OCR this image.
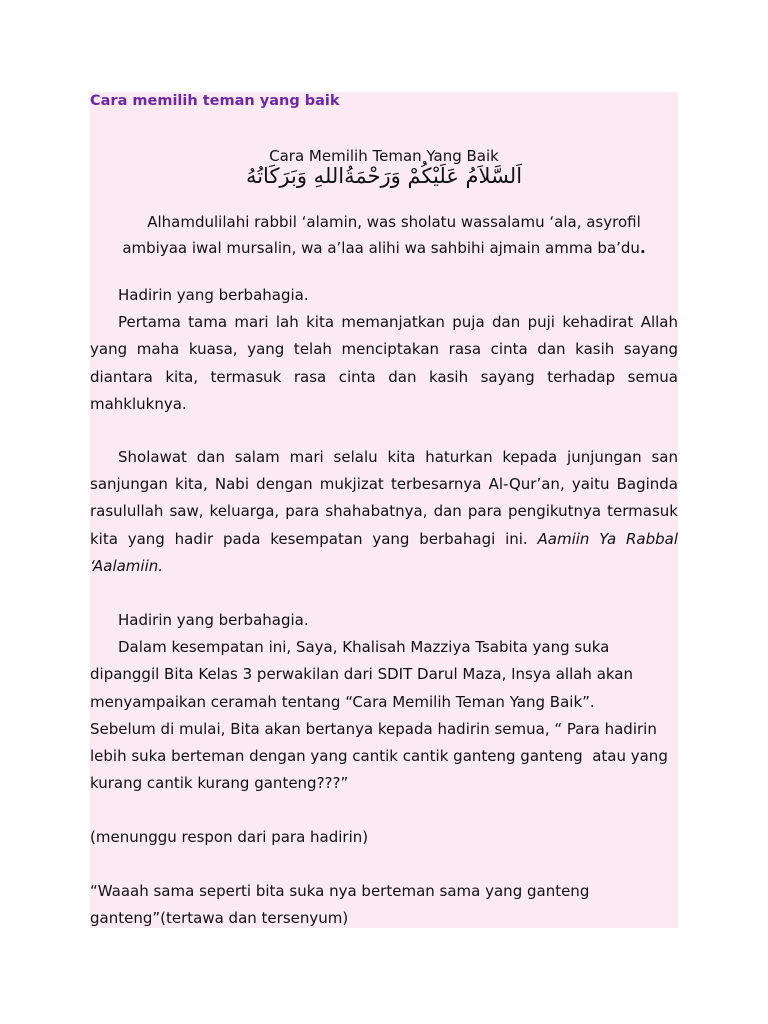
Cara memilih teman yang baik
Cara Memilih Teman Yang Baik
اَلسَّلاَمُ عَلَيْكُمْ وَرَحْمَةُاللهِ وَبَرَكَاتُهُ
Alhamdulilahi rabbil ‘alamin, was sholatu wassalamu ‘ala, asyrofil
ambiyaa iwal mursalin, wa a’laa alihi wa sahbihi ajmain amma ba’du.

Hadirin yang berbahagia.

Pertama tama mari lah kita memanjatkan puja dan puji kehadirat Allah yang maha kuasa, yang telah menciptakan rasa cinta dan kasih sayang diantara kita, termasuk rasa cinta dan kasih sayang terhadap semua mahkluknya.

Sholawat dan salam mari selalu kita haturkan kepada junjungan san sanjungan kita, Nabi dengan mukjizat terbesarnya Al-Qur’an, yaitu Baginda rasulullah saw, keluarga, para shahabatnya, dan para pengikutnya termasuk kita yang hadir pada kesempatan yang berbahagi ini. Aamiin Ya Rabbal ‘Aalamiin.

Hadirin yang berbahagia.

Dalam kesempatan ini, Saya, Khalisah Mazziya Tsabita yang suka

dipanggil Bita Kelas 3 perwakilan dari SDIT Darul Maza, Insya allah akan

menyampaikan ceramah tentang “Cara Memilih Teman Yang Baik”.

Sebelum di mulai, Bita akan bertanya kepada hadirin semua, “ Para hadirin

lebih suka berteman dengan yang cantik cantik ganteng ganteng  atau yang

kurang cantik kurang ganteng???”

(menunggu respon dari para hadirin)

“Waaah sama seperti bita suka nya berteman sama yang ganteng

ganteng”(tertawa dan tersenyum)
